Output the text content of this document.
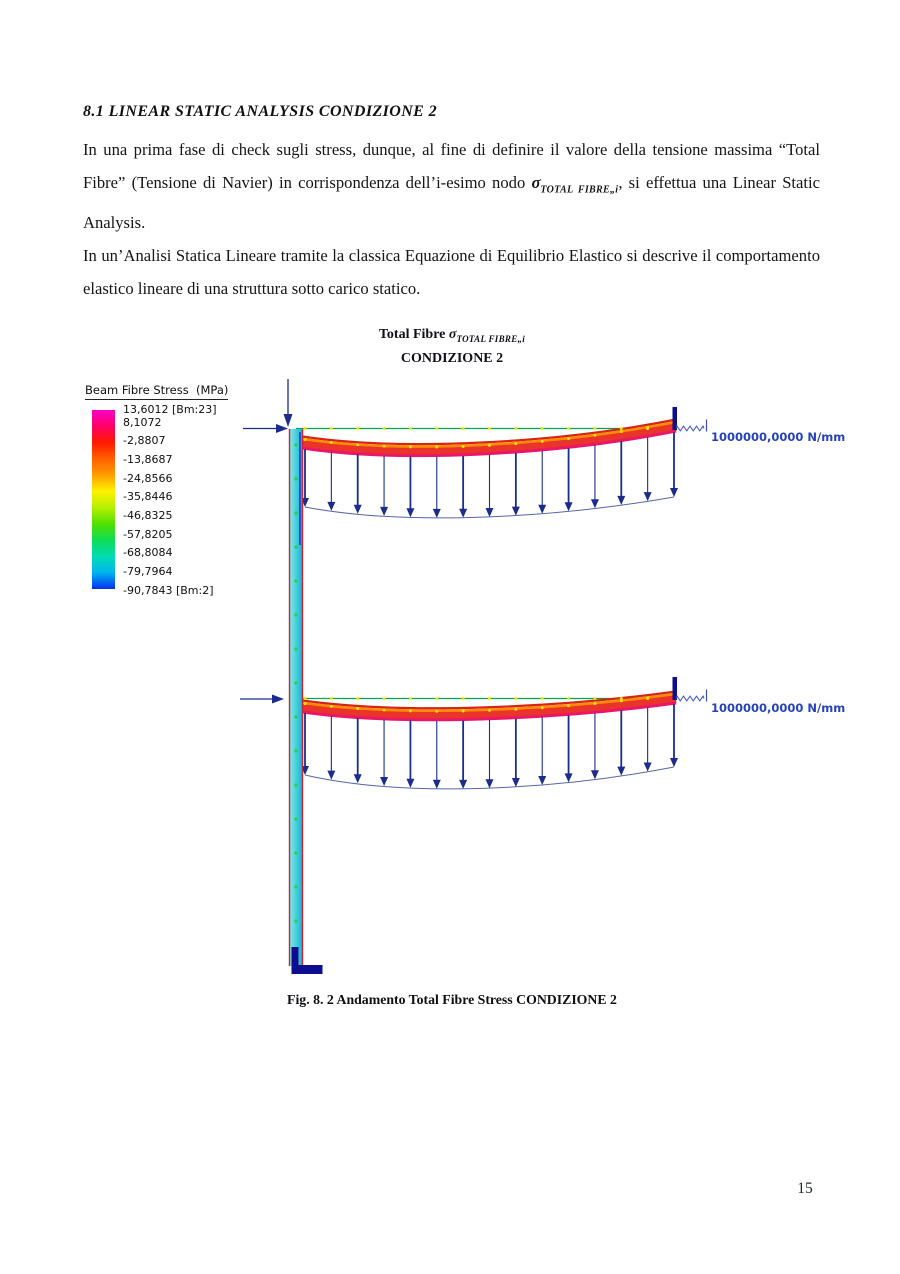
8.1 LINEAR STATIC ANALYSIS CONDIZIONE 2

In una prima fase di check sugli stress, dunque, al fine di definire il valore della tensione massima “Total Fibre” (Tensione di Navier) in corrispondenza dell’i-esimo nodo $\sigma_{TOTAL FIBRE„i}$, si effettua una Linear Static Analysis.

In un’Analisi Statica Lineare tramite la classica Equazione di Equilibrio Elastico si descrive il comportamento elastico lineare di una struttura sotto carico statico.

Total Fibre $\sigma_{TOTAL FIBRE„i}$
CONDIZIONE 2
Beam Fibre Stress  (MPa)
13,6012 [Bm:23]
8,1072
-2,8807
-13,8687
-24,8566
-35,8446
-46,8325
-57,8205
-68,8084
-79,7964
-90,7843 [Bm:2]
1000000,0000 N/mm
1000000,0000 N/mm
Fig. 8. 2 Andamento Total Fibre Stress CONDIZIONE 2
15
